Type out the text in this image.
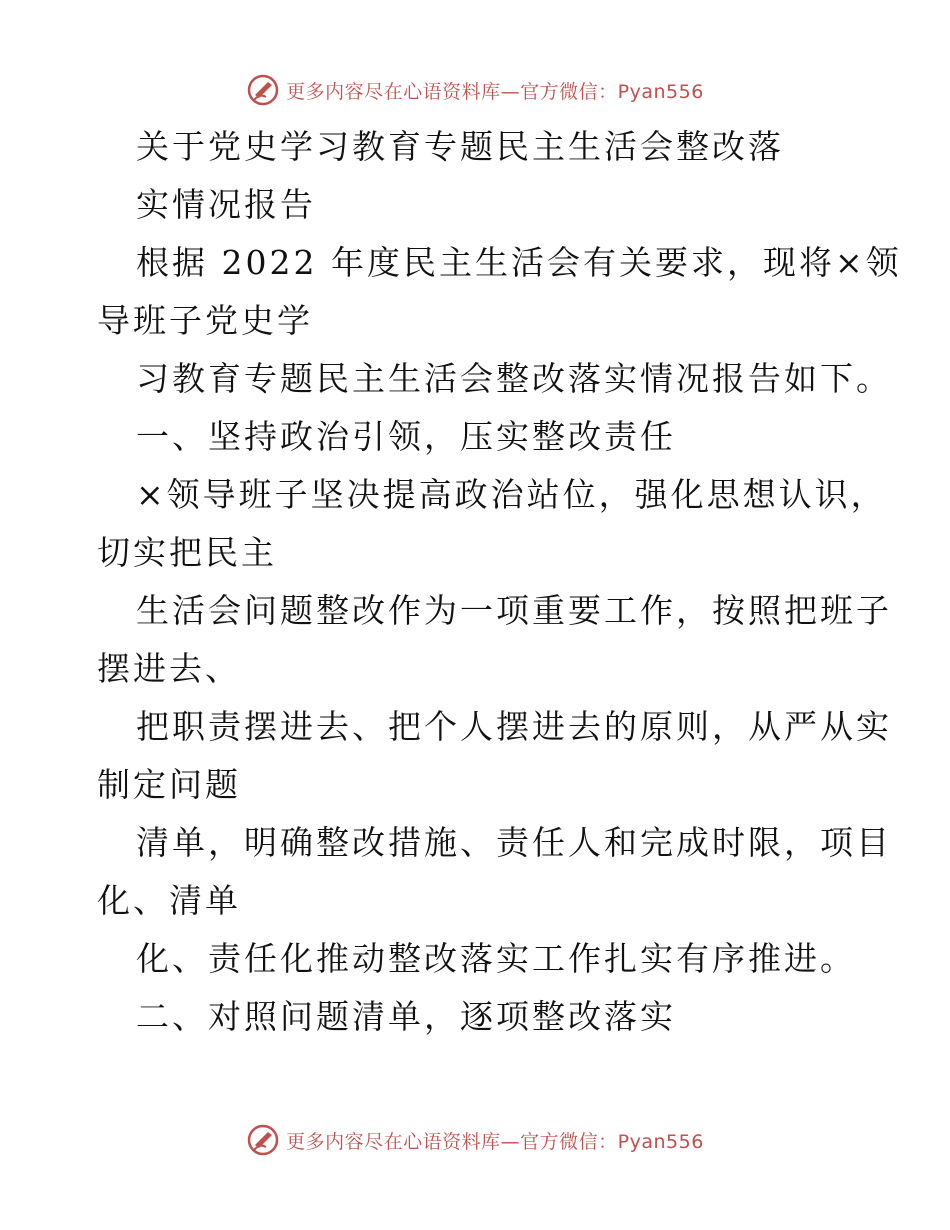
更多内容尽在心语资料库—官方微信：Pyan556
关于党史学习教育专题民主生活会整改落
实情况报告
根据 2022 年度民主生活会有关要求，现将×领
导班子党史学
习教育专题民主生活会整改落实情况报告如下。
一、坚持政治引领，压实整改责任
×领导班子坚决提高政治站位，强化思想认识，
切实把民主
生活会问题整改作为一项重要工作，按照把班子
摆进去、
把职责摆进去、把个人摆进去的原则，从严从实
制定问题
清单，明确整改措施、责任人和完成时限，项目
化、清单
化、责任化推动整改落实工作扎实有序推进。
二、对照问题清单，逐项整改落实
更多内容尽在心语资料库—官方微信：Pyan556
